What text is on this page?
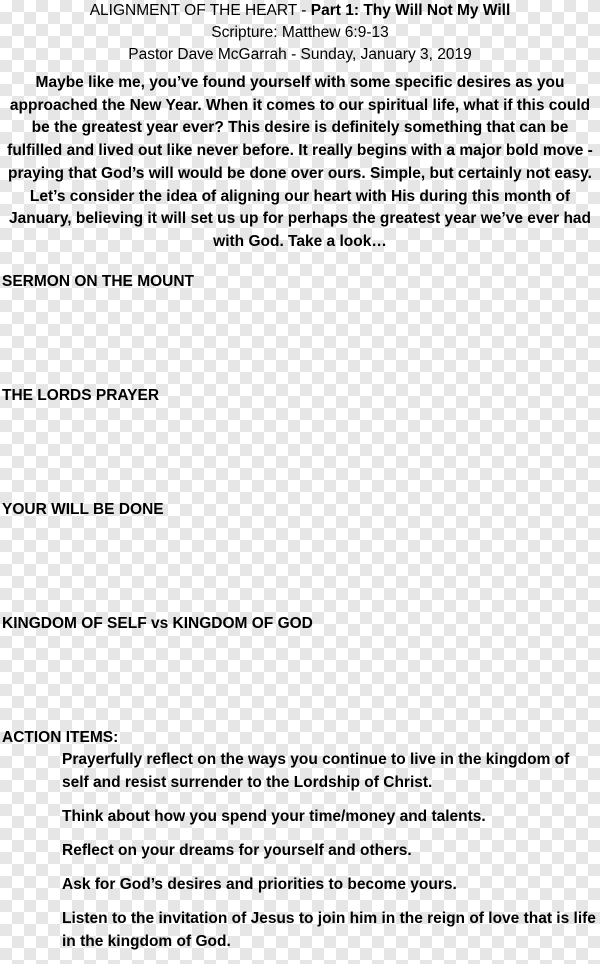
ALIGNMENT OF THE HEART - Part 1: Thy Will Not My Will
Scripture: Matthew 6:9-13
Pastor Dave McGarrah - Sunday, January 3, 2019
Maybe like me, you’ve found yourself with some specific desires as you approached the New Year. When it comes to our spiritual life, what if this could be the greatest year ever? This desire is definitely something that can be fulfilled and lived out like never before. It really begins with a major bold move - praying that God’s will would be done over ours. Simple, but certainly not easy. Let’s consider the idea of aligning our heart with His during this month of January, believing it will set us up for perhaps the greatest year we’ve ever had with God. Take a look…
SERMON ON THE MOUNT
THE LORDS PRAYER
YOUR WILL BE DONE
KINGDOM OF SELF vs KINGDOM OF GOD
ACTION ITEMS:
Prayerfully reflect on the ways you continue to live in the kingdom of self and resist surrender to the Lordship of Christ.
Think about how you spend your time/money and talents.
Reflect on your dreams for yourself and others.
Ask for God’s desires and priorities to become yours.
Listen to the invitation of Jesus to join him in the reign of love that is life in the kingdom of God.
